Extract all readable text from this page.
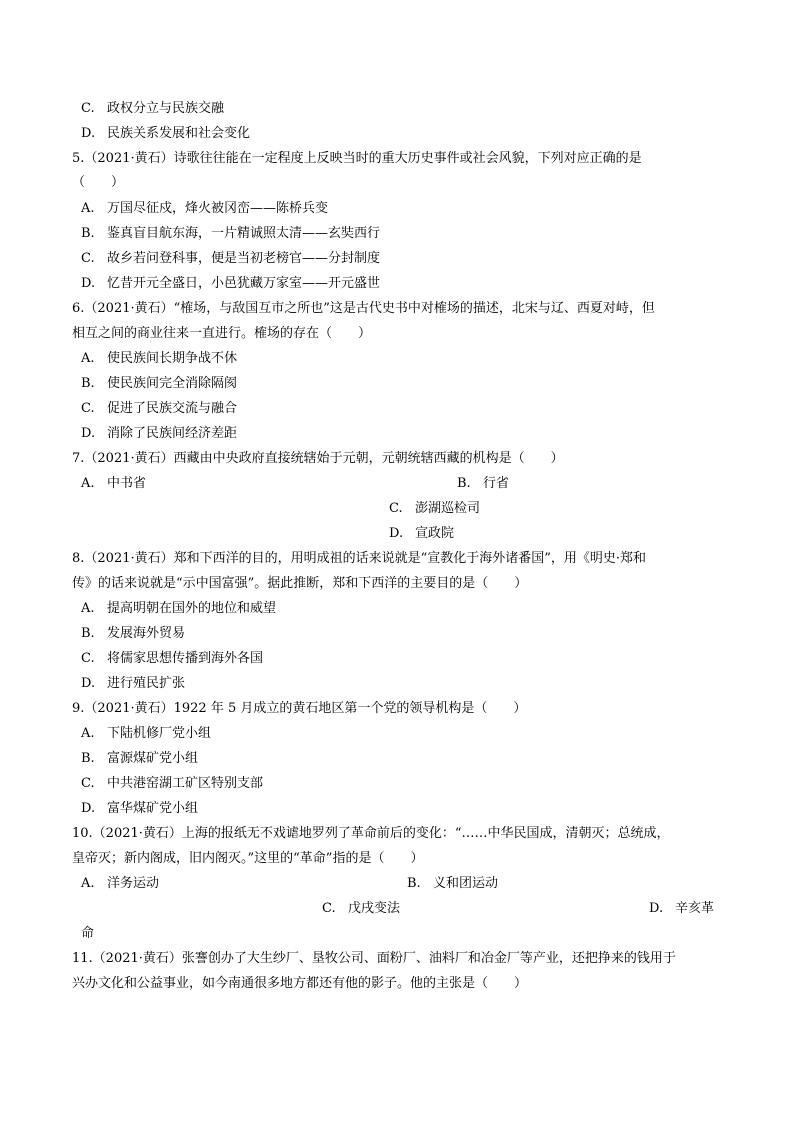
C. 政权分立与民族交融
D. 民族关系发展和社会变化
5.（2021·黄石）诗歌往往能在一定程度上反映当时的重大历史事件或社会风貌，下列对应正确的是
（　　）
A. 万国尽征戍，烽火被冈峦——陈桥兵变
B. 鉴真盲目航东海，一片精诚照太清——玄奘西行
C. 故乡若问登科事，便是当初老榜官——分封制度
D. 忆昔开元全盛日，小邑犹藏万家室——开元盛世
6.（2021·黄石）“榷场，与敌国互市之所也”这是古代史书中对榷场的描述，北宋与辽、西夏对峙，但
相互之间的商业往来一直进行。榷场的存在（　　）
A. 使民族间长期争战不休
B. 使民族间完全消除隔阂
C. 促进了民族交流与融合
D. 消除了民族间经济差距
7.（2021·黄石）西藏由中央政府直接统辖始于元朝，元朝统辖西藏的机构是（　　）
A. 中书省	B. 行省
C. 澎湖巡检司
D. 宣政院
8.（2021·黄石）郑和下西洋的目的，用明成祖的话来说就是“宣教化于海外诸番国”，用《明史·郑和
传》的话来说就是“示中国富强”。据此推断，郑和下西洋的主要目的是（　　）
A. 提高明朝在国外的地位和威望
B. 发展海外贸易
C. 将儒家思想传播到海外各国
D. 进行殖民扩张
9.（2021·黄石）1922 年 5 月成立的黄石地区第一个党的领导机构是（　　）
A. 下陆机修厂党小组
B. 富源煤矿党小组
C. 中共港窑湖工矿区特别支部
D. 富华煤矿党小组
10.（2021·黄石）上海的报纸无不戏谑地罗列了革命前后的变化：“……中华民国成，清朝灭；总统成，
皇帝灭；新内阁成，旧内阁灭。”这里的“革命”指的是（　　）
A. 洋务运动	B. 义和团运动
C. 戊戌变法	D. 辛亥革
命
11.（2021·黄石）张謇创办了大生纱厂、垦牧公司、面粉厂、油料厂和冶金厂等产业，还把挣来的钱用于
兴办文化和公益事业，如今南通很多地方都还有他的影子。他的主张是（　　）
